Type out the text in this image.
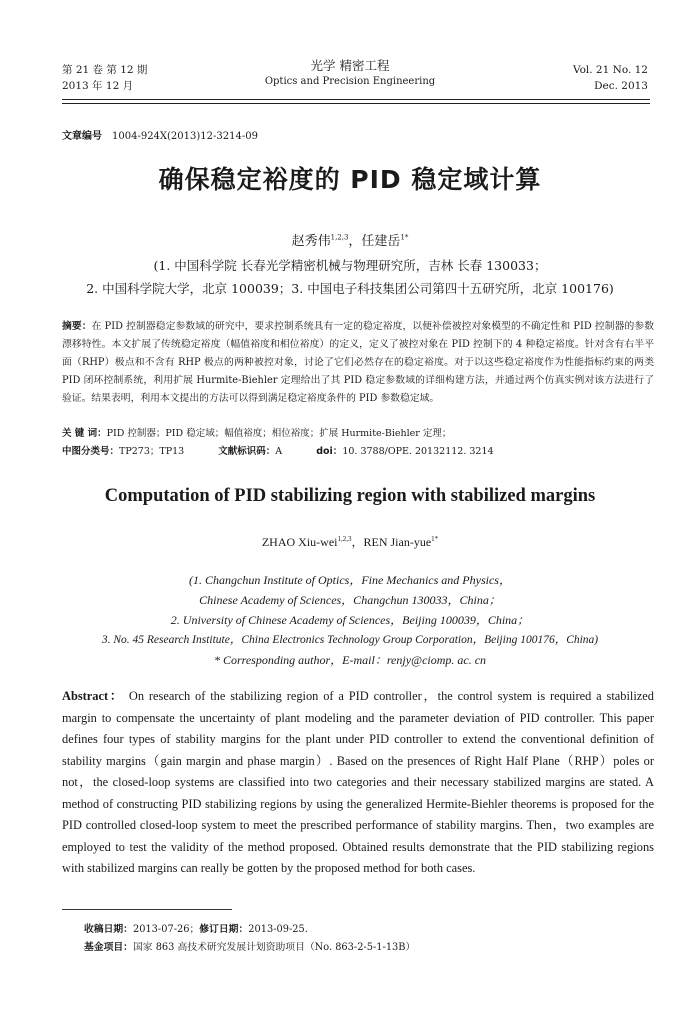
第 21 卷 第 12 期
2013 年 12 月
光学 精密工程
Optics and Precision Engineering
Vol. 21 No. 12
Dec. 2013
文章编号 1004-924X(2013)12-3214-09
确保稳定裕度的 PID 稳定域计算
赵秀伟$^{1,2,3}$，任建岳$^{1*}$
(1. 中国科学院 长春光学精密机械与物理研究所，吉林 长春 130033；
2. 中国科学院大学，北京 100039；3. 中国电子科技集团公司第四十五研究所，北京 100176)
摘要：在 PID 控制器稳定参数域的研究中，要求控制系统具有一定的稳定裕度，以便补偿被控对象模型的不确定性和 PID 控制器的参数漂移特性。本文扩展了传统稳定裕度（幅值裕度和相位裕度）的定义，定义了被控对象在 PID 控制下的 4 种稳定裕度。针对含有右半平面（RHP）极点和不含有 RHP 极点的两种被控对象，讨论了它们必然存在的稳定裕度。对于以这些稳定裕度作为性能指标约束的两类 PID 闭环控制系统，利用扩展 Hurmite-Biehler 定理给出了其 PID 稳定参数域的详细构建方法，并通过两个仿真实例对该方法进行了验证。结果表明，利用本文提出的方法可以得到满足稳定裕度条件的 PID 参数稳定域。
关 键 词：PID 控制器；PID 稳定域；幅值裕度；相位裕度；扩展 Hurmite-Biehler 定理；
中图分类号：TP273；TP13	文献标识码：A	doi：10. 3788/OPE. 20132112. 3214
Computation of PID stabilizing region with stabilized margins
ZHAO Xiu-wei$^{1,2,3}$，REN Jian-yue$^{1*}$
(1. Changchun Institute of Optics，Fine Mechanics and Physics，
Chinese Academy of Sciences，Changchun 130033，China；
2. University of Chinese Academy of Sciences，Beijing 100039，China；
3. No. 45 Research Institute，China Electronics Technology Group Corporation，Beijing 100176，China)
* Corresponding author，E-mail：renjy@ciomp. ac. cn
Abstract： On research of the stabilizing region of a PID controller，the control system is required a stabilized margin to compensate the uncertainty of plant modeling and the parameter deviation of PID controller. This paper defines four types of stability margins for the plant under PID controller to extend the conventional definition of stability margins（gain margin and phase margin）. Based on the presences of Right Half Plane（RHP）poles or not，the closed-loop systems are classified into two categories and their necessary stabilized margins are stated. A method of constructing PID stabilizing regions by using the generalized Hermite-Biehler theorems is proposed for the PID controlled closed-loop system to meet the prescribed performance of stability margins. Then，two examples are employed to test the validity of the method proposed. Obtained results demonstrate that the PID stabilizing regions with stabilized margins can really be gotten by the proposed method for both cases.
收稿日期：2013-07-26；修订日期：2013-09-25.
基金项目：国家 863 高技术研究发展计划资助项目（No. 863-2-5-1-13B）
